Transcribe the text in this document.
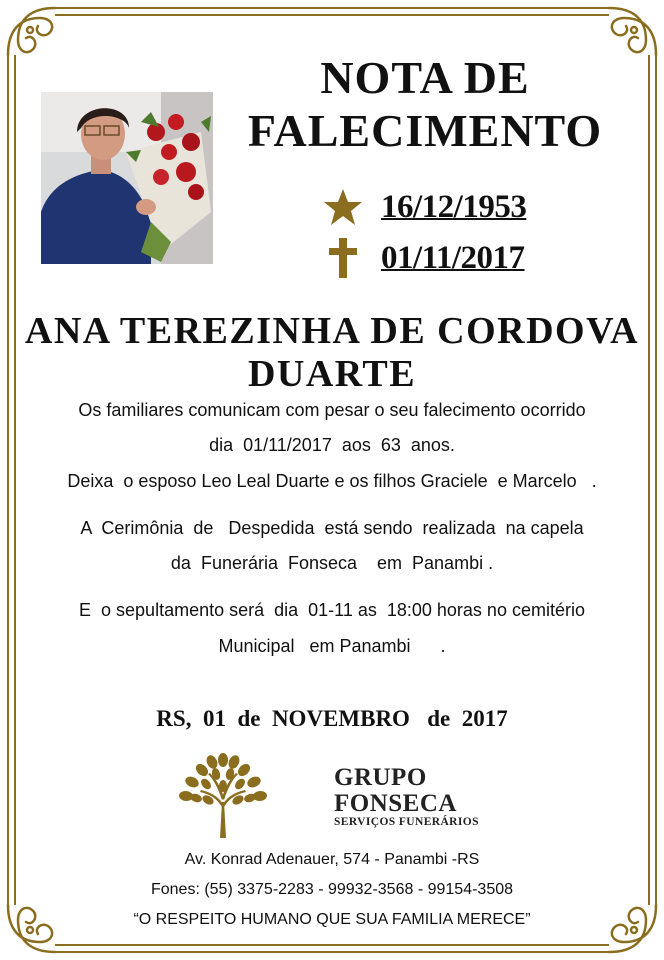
NOTA DE
FALECIMENTO
16/12/1953
01/11/2017
ANA TEREZINHA DE CORDOVA
DUARTE
Os familiares comunicam com pesar o seu falecimento ocorrido
dia  01/11/2017  aos  63  anos.
Deixa  o esposo Leo Leal Duarte e os filhos Graciele  e Marcelo   .
A  Cerimônia  de   Despedida  está sendo  realizada  na capela
da  Funerária  Fonseca    em  Panambi .
E  o sepultamento será  dia  01-11 as  18:00 horas no cemitério
Municipal   em Panambi      .
RS,  01  de  NOVEMBRO   de  2017
GRUPO
FONSECA
SERVIÇOS FUNERÁRIOS
Av. Konrad Adenauer, 574 - Panambi -RS
Fones: (55) 3375-2283 - 99932-3568 - 99154-3508
“O RESPEITO HUMANO QUE SUA FAMILIA MERECE”
